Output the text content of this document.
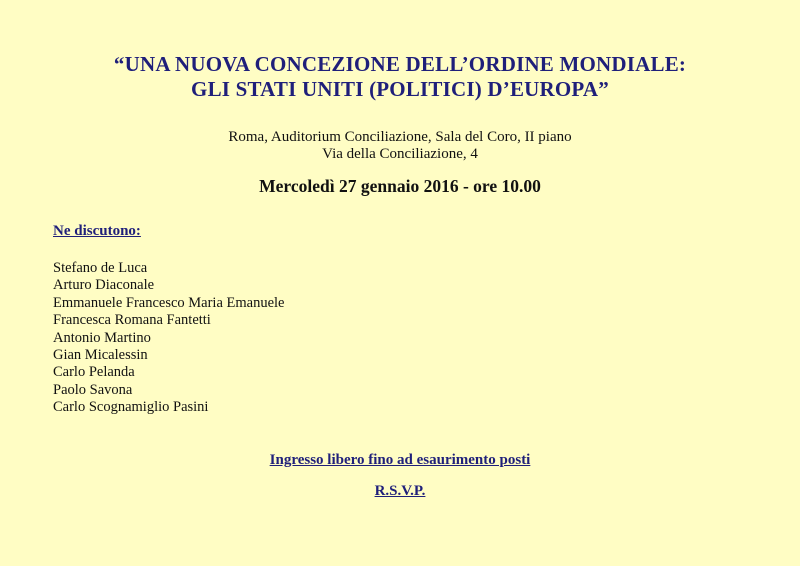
“UNA NUOVA CONCEZIONE DELL’ORDINE MONDIALE:
GLI STATI UNITI (POLITICI) D’EUROPA”
Roma, Auditorium Conciliazione, Sala del Coro, II piano
Via della Conciliazione, 4
Mercoledì 27 gennaio 2016 - ore 10.00
Ne discutono:
Stefano de Luca
Arturo Diaconale
Emmanuele Francesco Maria Emanuele
Francesca Romana Fantetti
Antonio Martino
Gian Micalessin
Carlo Pelanda
Paolo Savona
Carlo Scognamiglio Pasini
Ingresso libero fino ad esaurimento posti
R.S.V.P.
